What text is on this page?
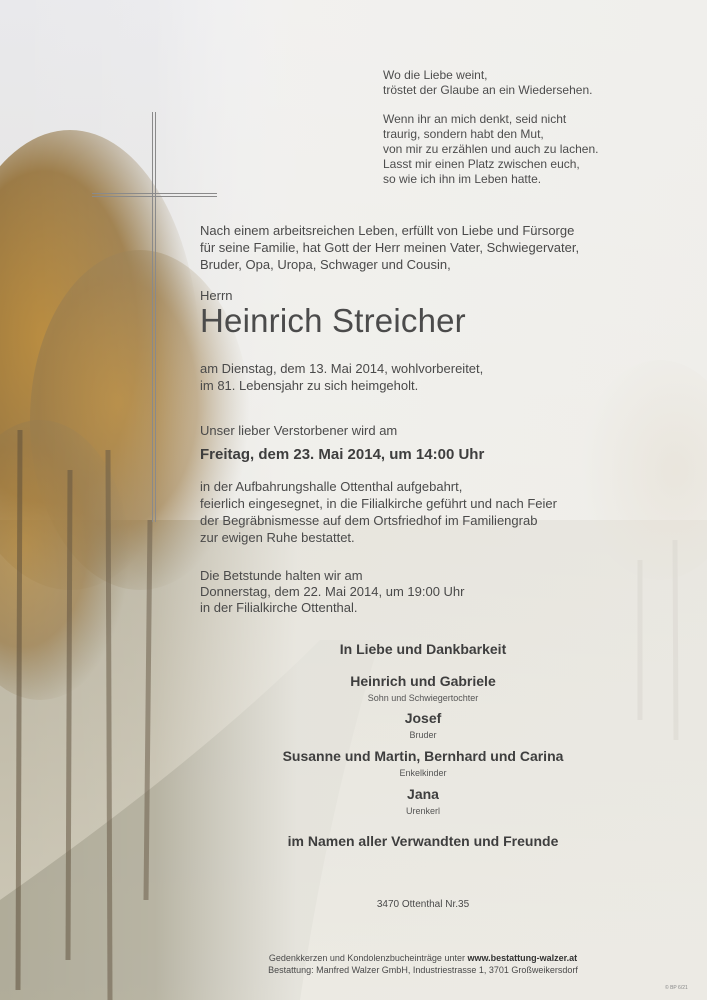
Wo die Liebe weint,

tröstet der Glaube an ein Wiedersehen.

Wenn ihr an mich denkt, seid nicht

traurig, sondern habt den Mut,

von mir zu erzählen und auch zu lachen.

Lasst mir einen Platz zwischen euch,

so wie ich ihn im Leben hatte.

Nach einem arbeitsreichen Leben, erfüllt von Liebe und Fürsorge

für seine Familie, hat Gott der Herr meinen Vater, Schwiegervater,

Bruder, Opa, Uropa, Schwager und Cousin,

Herrn
Heinrich Streicher

am Dienstag, dem 13. Mai 2014, wohlvorbereitet,

im 81. Lebensjahr zu sich heimgeholt.

Unser lieber Verstorbener wird am
Freitag, dem 23. Mai 2014, um 14:00 Uhr

in der Aufbahrungshalle Ottenthal aufgebahrt,

feierlich eingesegnet, in die Filialkirche geführt und nach Feier

der Begräbnismesse auf dem Ortsfriedhof im Familiengrab

zur ewigen Ruhe bestattet.

Die Betstunde halten wir am

Donnerstag, dem 22. Mai 2014, um 19:00 Uhr

in der Filialkirche Ottenthal.

In Liebe und Dankbarkeit
Heinrich und Gabriele
Sohn und Schwiegertochter
Josef
Bruder
Susanne und Martin, Bernhard und Carina
Enkelkinder
Jana
Urenkerl
im Namen aller Verwandten und Freunde
3470 Ottenthal Nr.35
Gedenkkerzen und Kondolenzbucheinträge unter www.bestattung-walzer.at
Bestattung: Manfred Walzer GmbH, Industriestrasse 1, 3701 Großweikersdorf
© BP 6/21
